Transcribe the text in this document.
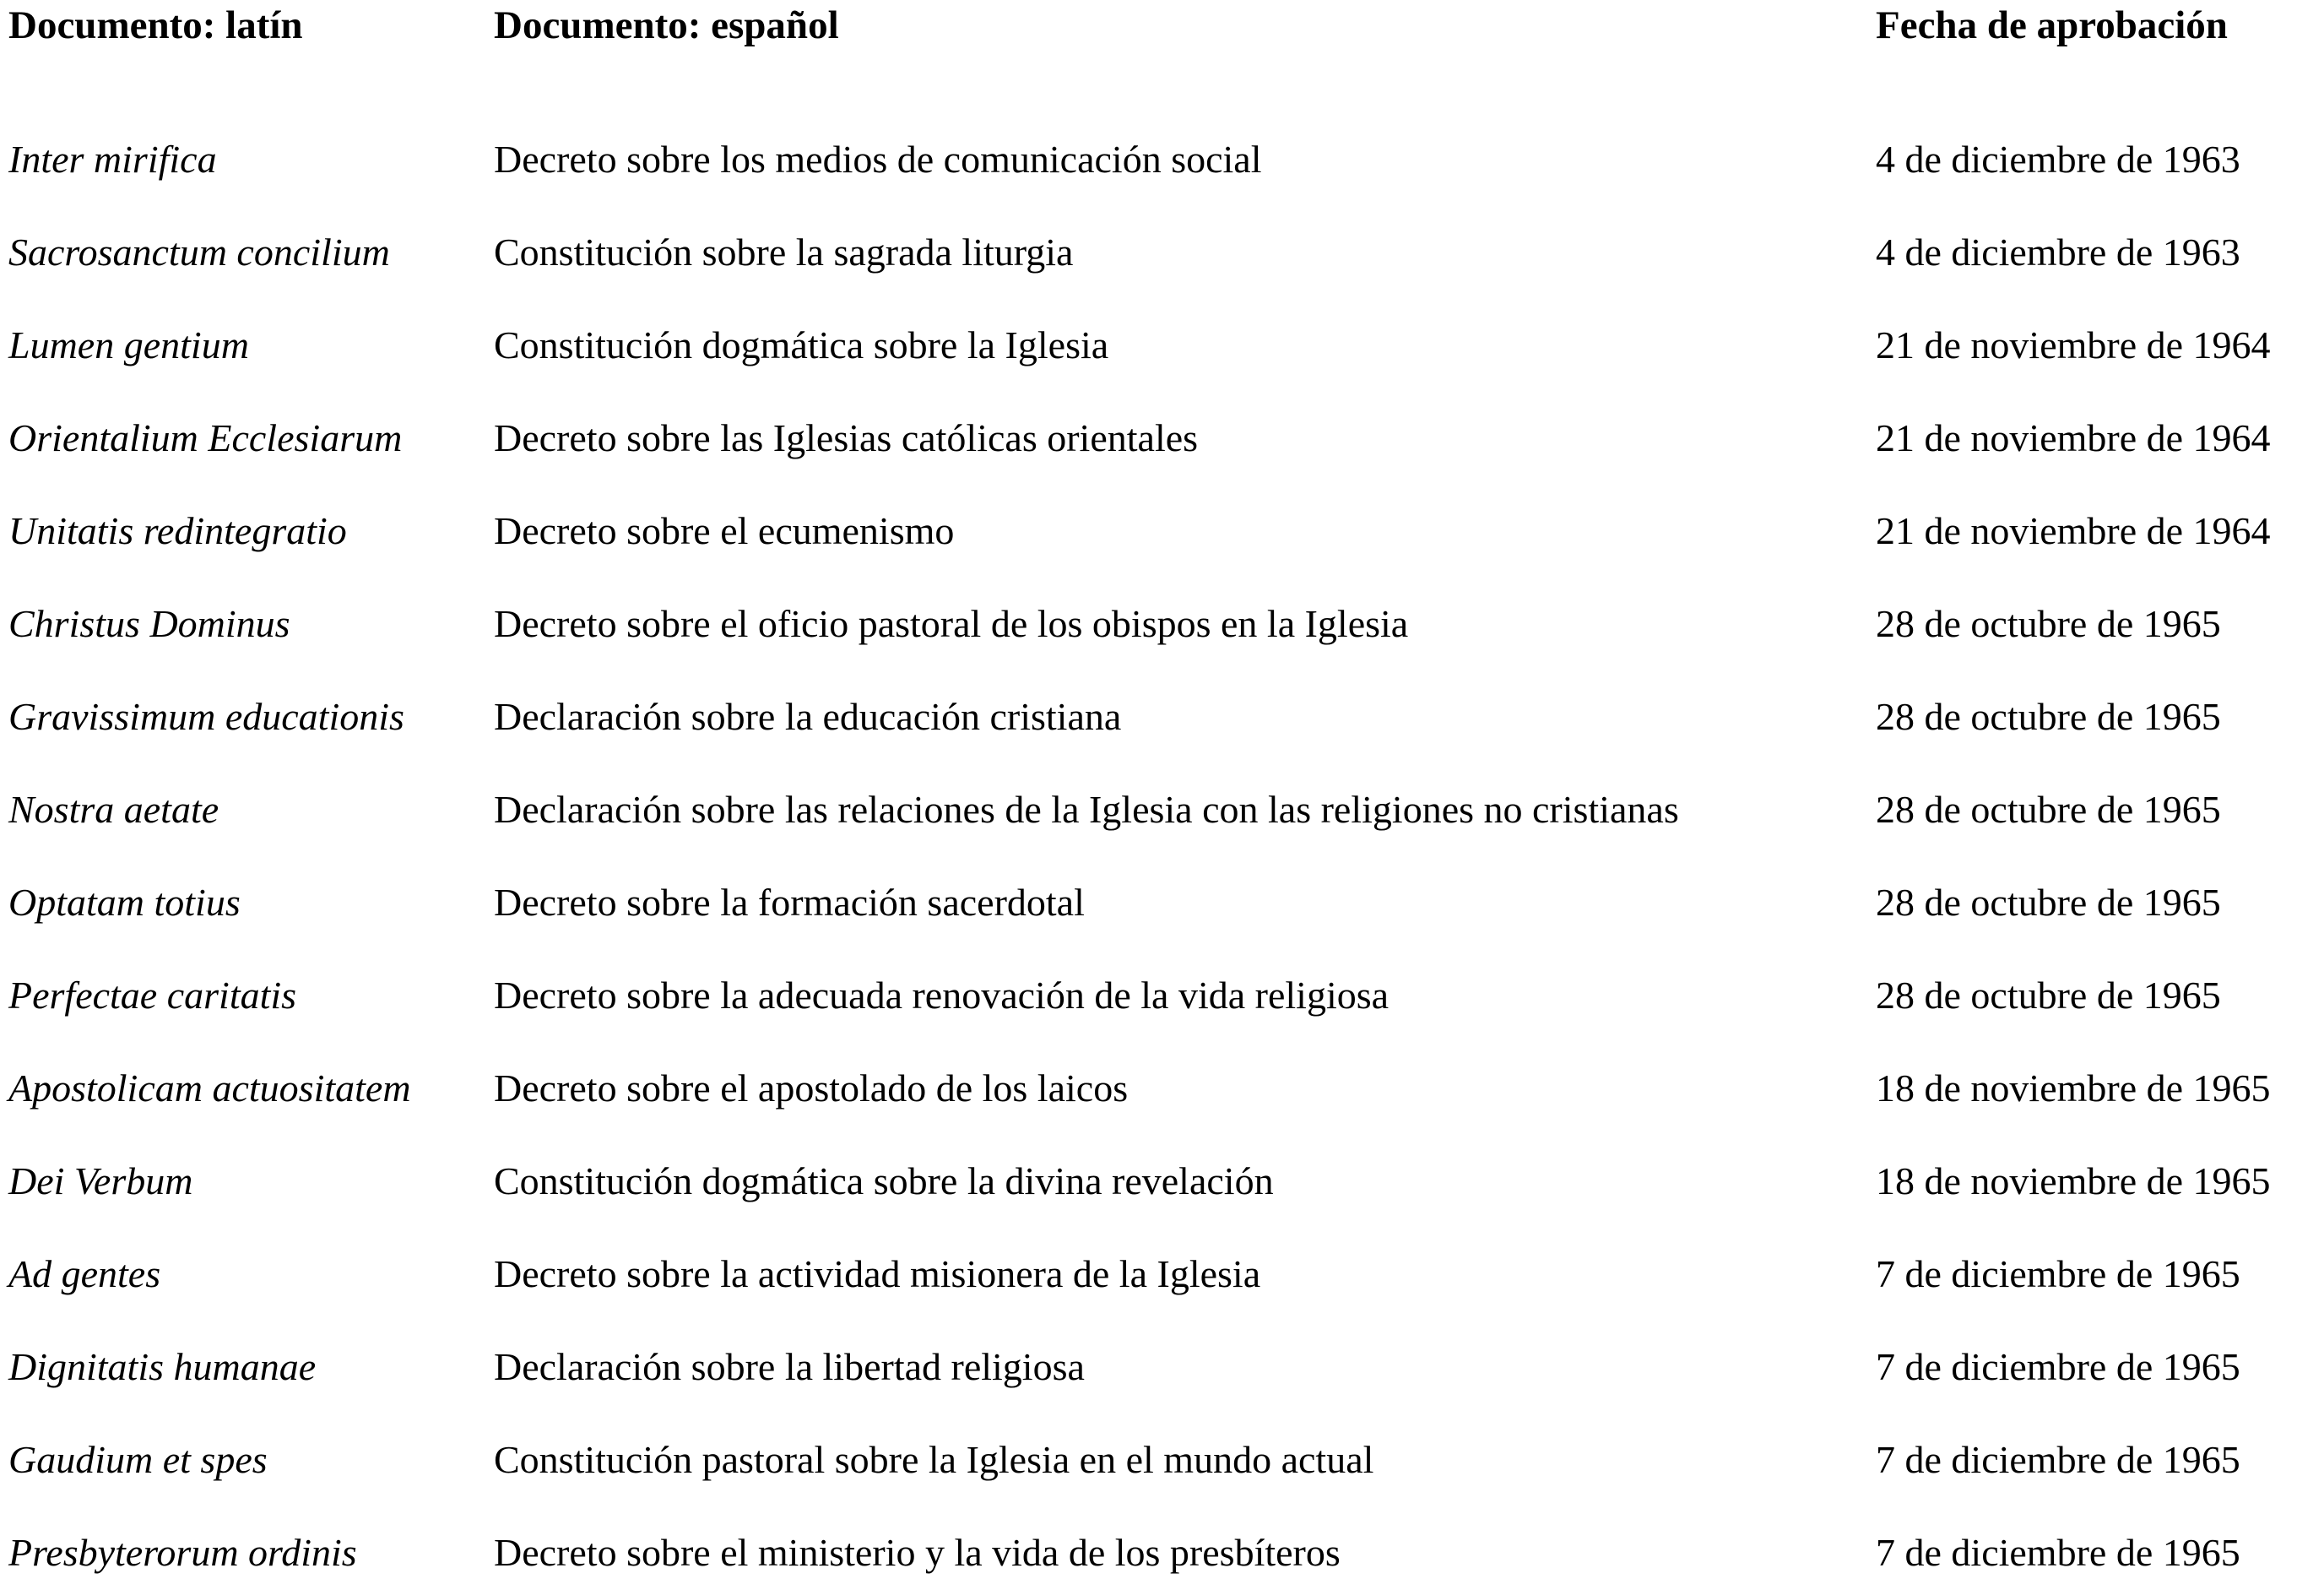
Documento: latín	Documento: español	Fecha de aprobación
Inter mirifica	Decreto sobre los medios de comunicación social	4 de diciembre de 1963
Sacrosanctum concilium	Constitución sobre la sagrada liturgia	4 de diciembre de 1963
Lumen gentium	Constitución dogmática sobre la Iglesia	21 de noviembre de 1964
Orientalium Ecclesiarum	Decreto sobre las Iglesias católicas orientales	21 de noviembre de 1964
Unitatis redintegratio	Decreto sobre el ecumenismo	21 de noviembre de 1964
Christus Dominus	Decreto sobre el oficio pastoral de los obispos en la Iglesia	28 de octubre de 1965
Gravissimum educationis	Declaración sobre la educación cristiana	28 de octubre de 1965
Nostra aetate	Declaración sobre las relaciones de la Iglesia con las religiones no cristianas	28 de octubre de 1965
Optatam totius	Decreto sobre la formación sacerdotal	28 de octubre de 1965
Perfectae caritatis	Decreto sobre la adecuada renovación de la vida religiosa	28 de octubre de 1965
Apostolicam actuositatem	Decreto sobre el apostolado de los laicos	18 de noviembre de 1965
Dei Verbum	Constitución dogmática sobre la divina revelación	18 de noviembre de 1965
Ad gentes	Decreto sobre la actividad misionera de la Iglesia	7 de diciembre de 1965
Dignitatis humanae	Declaración sobre la libertad religiosa	7 de diciembre de 1965
Gaudium et spes	Constitución pastoral sobre la Iglesia en el mundo actual	7 de diciembre de 1965
Presbyterorum ordinis	Decreto sobre el ministerio y la vida de los presbíteros	7 de diciembre de 1965
